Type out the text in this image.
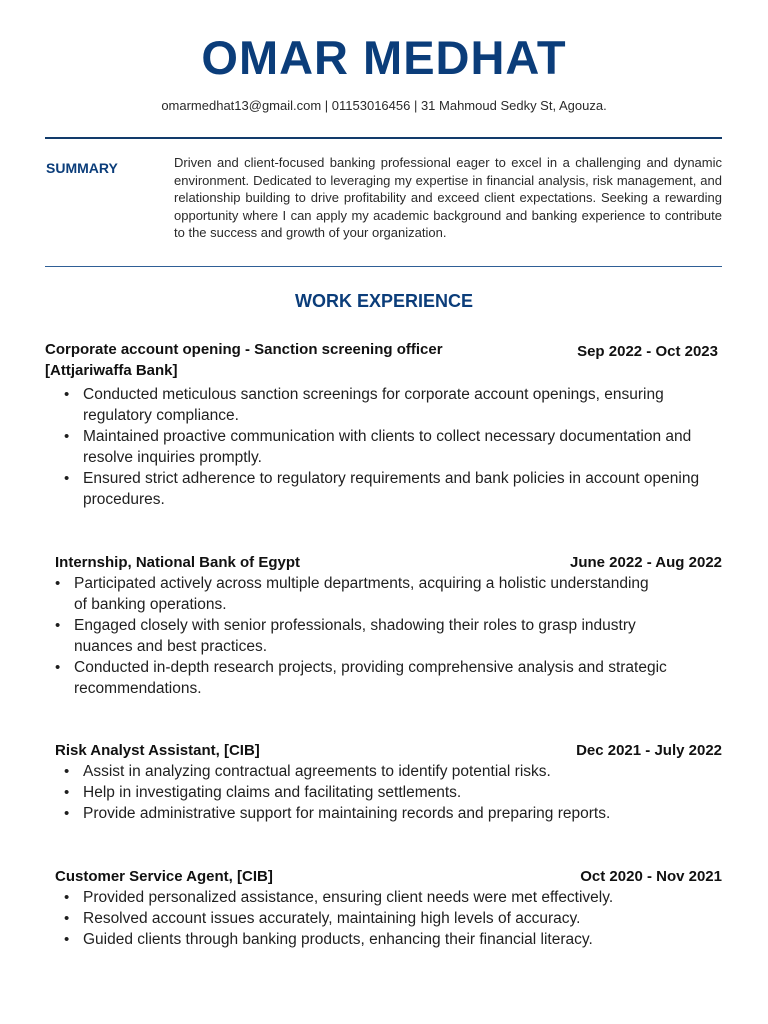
OMAR MEDHAT
omarmedhat13@gmail.com | 01153016456 | 31 Mahmoud Sedky St, Agouza.
SUMMARY	Driven and client-focused banking professional eager to excel in a challenging and dynamic environment. Dedicated to leveraging my expertise in financial analysis, risk management, and relationship building to drive profitability and exceed client expectations. Seeking a rewarding opportunity where I can apply my academic background and banking experience to contribute to the success and growth of your organization.
WORK EXPERIENCE
Corporate account opening - Sanction screening officer [Attjariwaffa Bank]
Sep 2022 - Oct 2023
• Conducted meticulous sanction screenings for corporate account openings, ensuring regulatory compliance.
• Maintained proactive communication with clients to collect necessary documentation and resolve inquiries promptly.
• Ensured strict adherence to regulatory requirements and bank policies in account opening procedures.
Internship, National Bank of Egypt	June 2022 - Aug 2022
• Participated actively across multiple departments, acquiring a holistic understanding of banking operations.
• Engaged closely with senior professionals, shadowing their roles to grasp industry nuances and best practices.
• Conducted in-depth research projects, providing comprehensive analysis and strategic recommendations.
Risk Analyst Assistant, [CIB]	Dec 2021 - July 2022
• Assist in analyzing contractual agreements to identify potential risks.
• Help in investigating claims and facilitating settlements.
• Provide administrative support for maintaining records and preparing reports.
Customer Service Agent, [CIB]	Oct 2020 - Nov 2021
• Provided personalized assistance, ensuring client needs were met effectively.
• Resolved account issues accurately, maintaining high levels of accuracy.
• Guided clients through banking products, enhancing their financial literacy.
